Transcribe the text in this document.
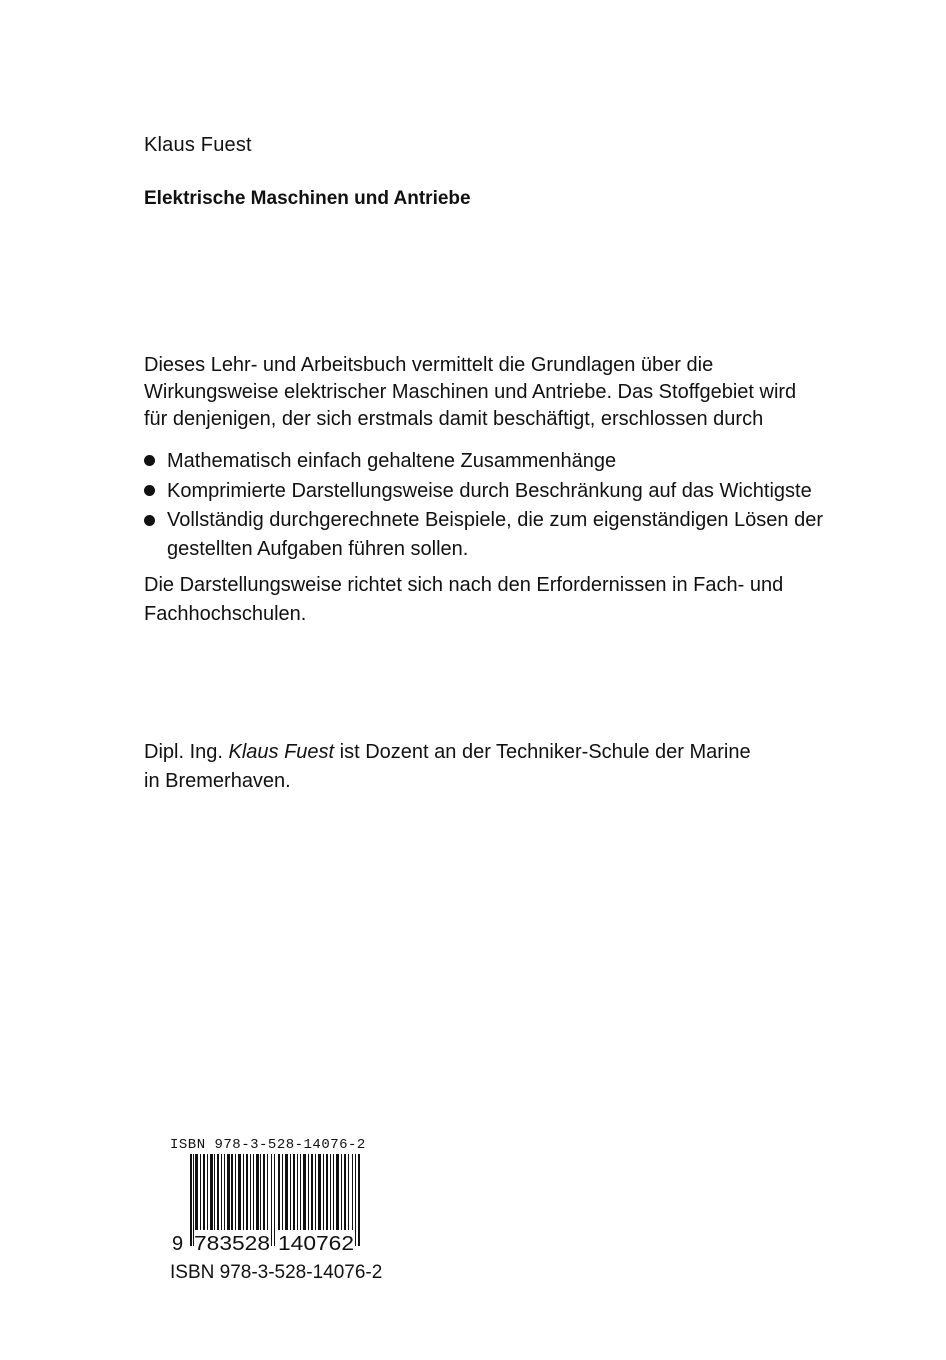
Klaus Fuest
Elektrische Maschinen und Antriebe

Dieses Lehr- und Arbeitsbuch vermittelt die Grundlagen über die

Wirkungsweise elektrischer Maschinen und Antriebe. Das Stoffgebiet wird

für denjenigen, der sich erstmals damit beschäftigt, erschlossen durch

Mathematisch einfach gehaltene Zusammenhänge
Komprimierte Darstellungsweise durch Beschränkung auf das Wichtigste
Vollständig durchgerechnete Beispiele, die zum eigenständigen Lösen der
gestellten Aufgaben führen sollen.
Die Darstellungsweise richtet sich nach den Erfordernissen in Fach- und
Fachhochschulen.
Dipl. Ing. Klaus Fuest ist Dozent an der Techniker-Schule der Marine
in Bremerhaven.
ISBN 978-3-528-14076-2
9 783528 140762
ISBN 978-3-528-14076-2
